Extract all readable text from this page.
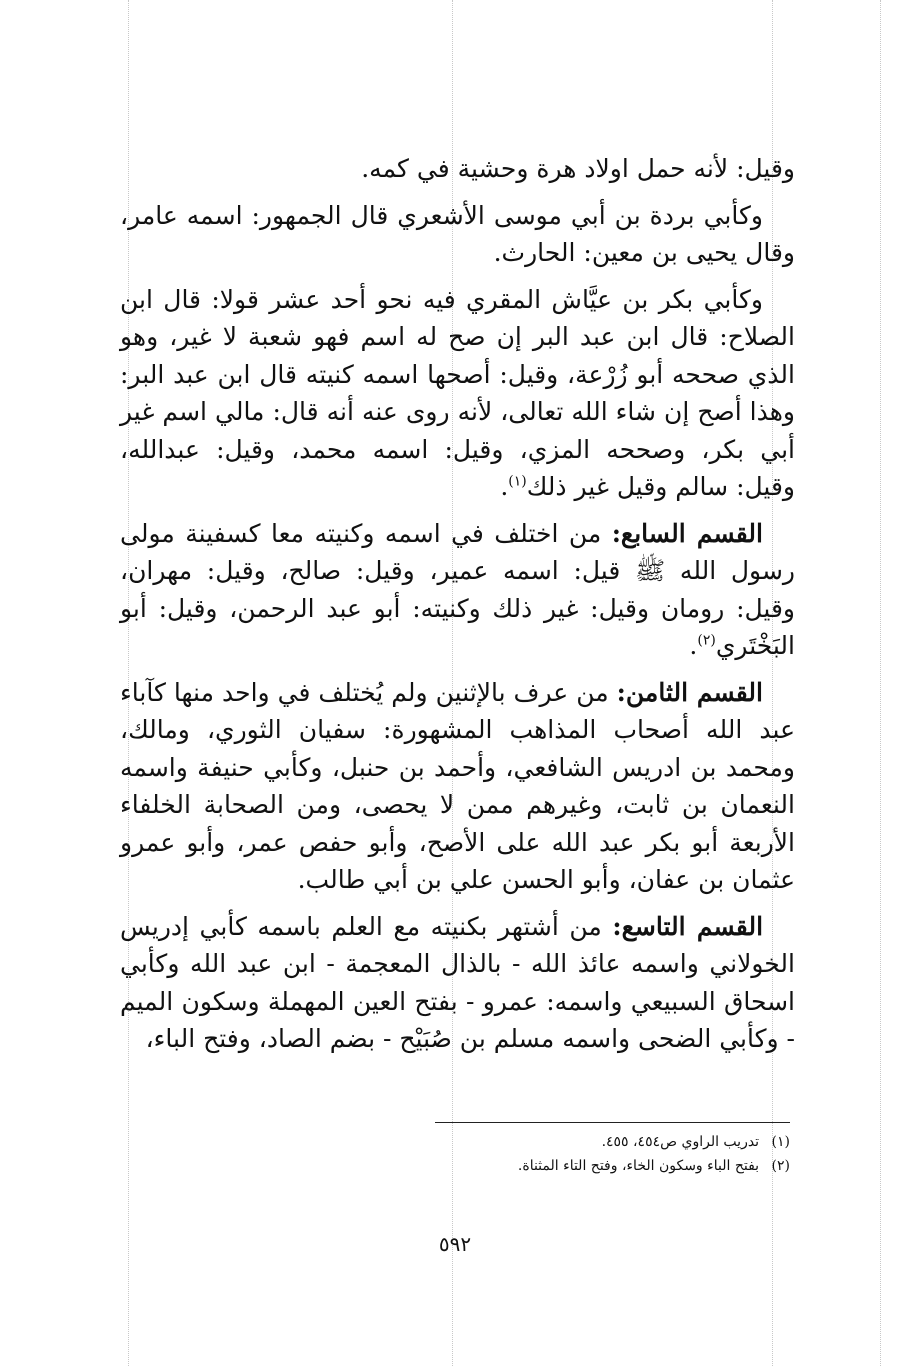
وقيل: لأنه حمل اولاد هرة وحشية في كمه.

وكأبي بردة بن أبي موسى الأشعري قال الجمهور: اسمه عامر، وقال يحيى بن معين: الحارث.

وكأبي بكر بن عيَّاش المقري فيه نحو أحد عشر قولا: قال ابن الصلاح: قال ابن عبد البر إن صح له اسم فهو شعبة لا غير، وهو الذي صححه أبو زُرْعة، وقيل: أصحها اسمه كنيته قال ابن عبد البر: وهذا أصح إن شاء الله تعالى، لأنه روى عنه أنه قال: مالي اسم غير أبي بكر، وصححه المزي، وقيل: اسمه محمد، وقيل: عبدالله، وقيل: سالم وقيل غير ذلك$^{(١)}$.

القسم السابع: من اختلف في اسمه وكنيته معا كسفينة مولى رسول الله ﷺ قيل: اسمه عمير، وقيل: صالح، وقيل: مهران، وقيل: رومان وقيل: غير ذلك وكنيته: أبو عبد الرحمن، وقيل: أبو البَخْتَري$^{(٢)}$.

القسم الثامن: من عرف بالإثنين ولم يُختلف في واحد منها كآباء عبد الله أصحاب المذاهب المشهورة: سفيان الثوري، ومالك، ومحمد بن ادريس الشافعي، وأحمد بن حنبل، وكأبي حنيفة واسمه النعمان بن ثابت، وغيرهم ممن لا يحصى، ومن الصحابة الخلفاء الأربعة أبو بكر عبد الله على الأصح، وأبو حفص عمر، وأبو عمرو عثمان بن عفان، وأبو الحسن علي بن أبي طالب.

القسم التاسع: من أشتهر بكنيته مع العلم باسمه كأبي إدريس الخولاني واسمه عائذ الله - بالذال المعجمة - ابن عبد الله وكأبي اسحاق السبيعي واسمه: عمرو - بفتح العين المهملة وسكون الميم - وكأبي الضحى واسمه مسلم بن صُبَيْح - بضم الصاد، وفتح الباء،

(١) تدريب الراوي ص٤٥٤، ٤٥٥.

(٢) بفتح الباء وسكون الخاء، وفتح التاء المثناة.

٥٩٢
